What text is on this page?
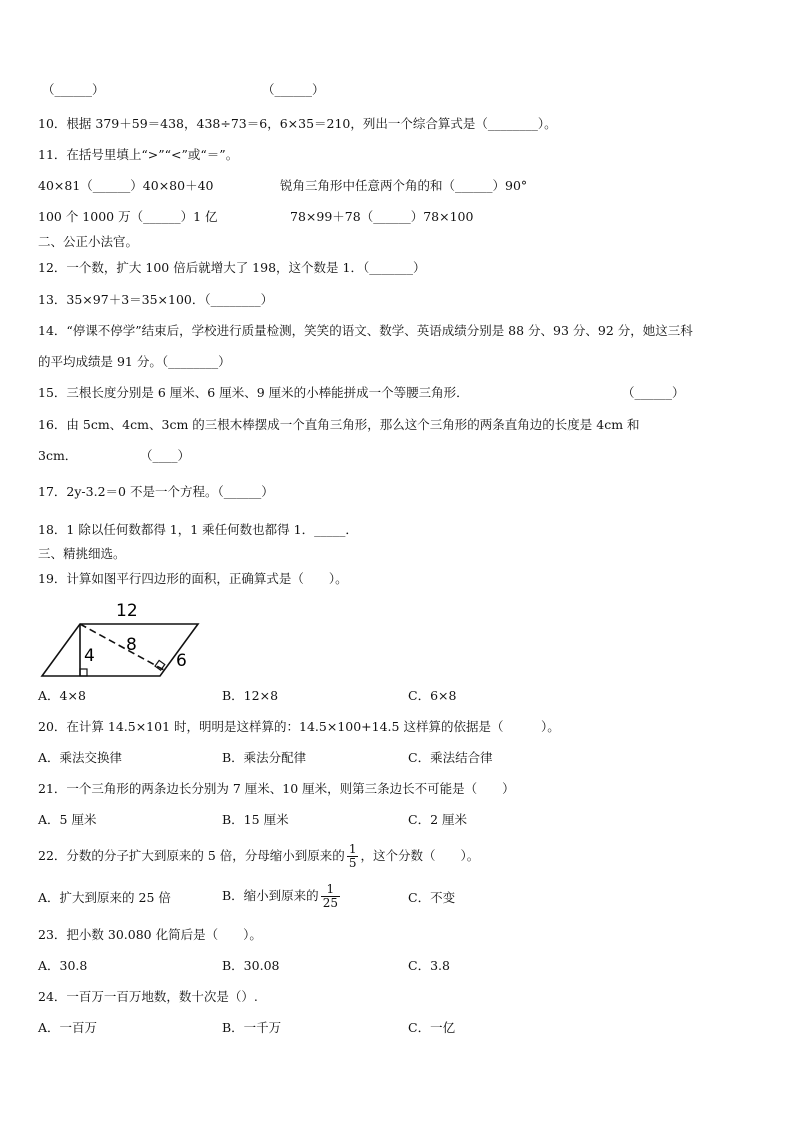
（______）	（______）
10．根据 379＋59＝438，438÷73＝6，6×35＝210，列出一个综合算式是（________）。
11．在括号里填上“>”“<”或“＝”。
40×81（______）40×80＋40	锐角三角形中任意两个角的和（______）90°
100 个 1000 万（______）1 亿	78×99＋78（______）78×100
二、公正小法官。
12．一个数，扩大 100 倍后就增大了 198，这个数是 1．（_______）
13．35×97＋3＝35×100．（________）
14．“停课不停学”结束后，学校进行质量检测，笑笑的语文、数学、英语成绩分别是 88 分、93 分、92 分，她这三科
的平均成绩是 91 分。（________）
15．三根长度分别是 6 厘米、6 厘米、9 厘米的小棒能拼成一个等腰三角形．	（______）
16．由 5cm、4cm、3cm 的三根木棒摆成一个直角三角形，那么这个三角形的两条直角边的长度是 4cm 和
3cm．	（____）
17．2y-3.2＝0 不是一个方程。（______）
18．1 除以任何数都得 1，1 乘任何数也都得 1．_____．
三、精挑细选。
19．计算如图平行四边形的面积，正确算式是（　　）。
12
8
4	6
A．4×8	B．12×8	C．6×8
20．在计算 14.5×101 时，明明是这样算的：14.5×100+14.5 这样算的依据是（　　　）。
A．乘法交换律	B．乘法分配律	C．乘法结合律
21．一个三角形的两条边长分别为 7 厘米、10 厘米，则第三条边长不可能是（　　）
A．5 厘米	B．15 厘米	C．2 厘米
22．分数的分子扩大到原来的 5 倍，分母缩小到原来的 $\frac{1}{5}$ ，这个分数（　　）。
A．扩大到原来的 25 倍	B．缩小到原来的 $\frac{1}{25}$	C．不变
23．把小数 30.080 化简后是（　　）。
A．30.8	B．30.08	C．3.8
24．一百万一百万地数，数十次是（）.
A．一百万	B．一千万	C．一亿
